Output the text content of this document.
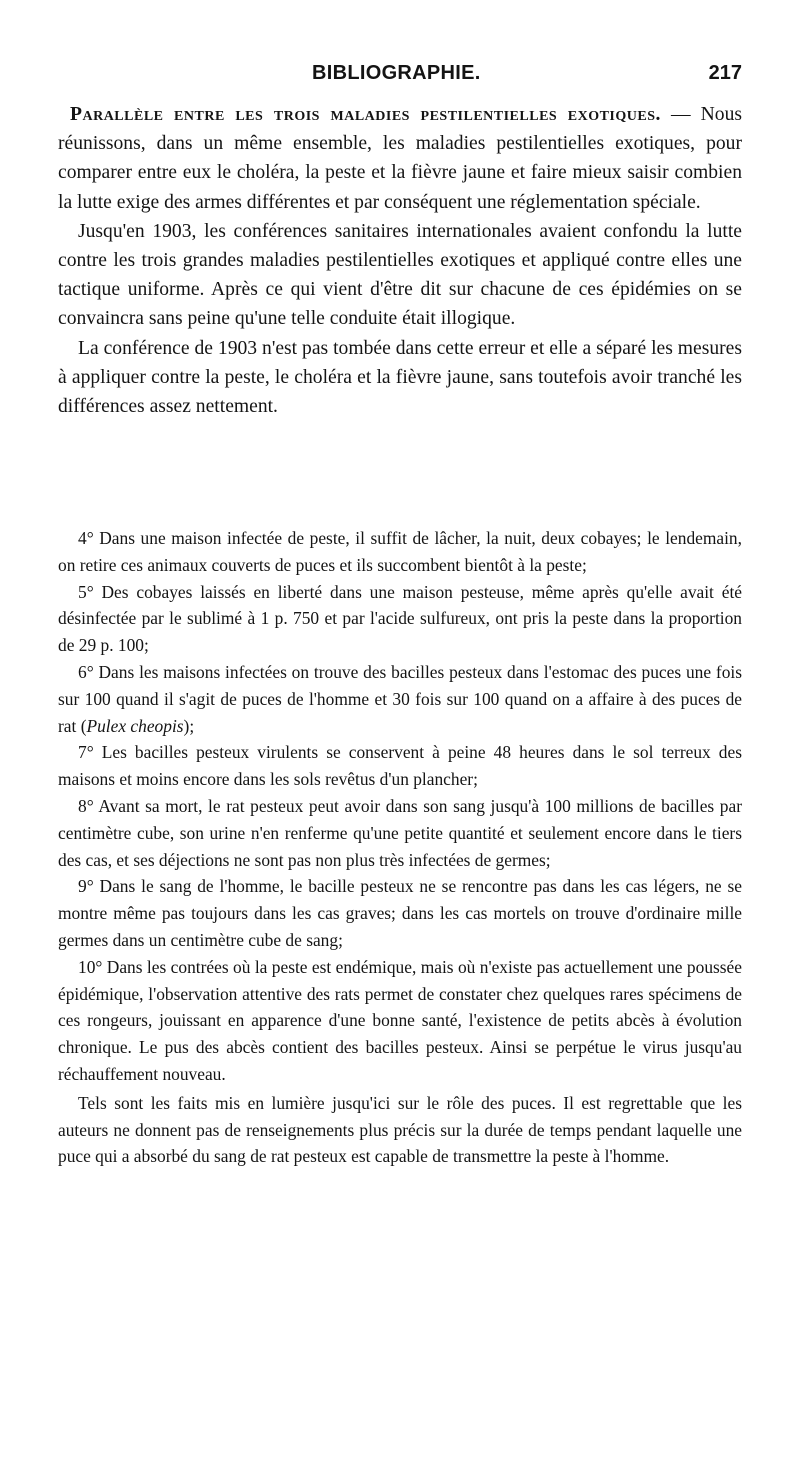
BIBLIOGRAPHIE.	217

Parallèle entre les trois maladies pestilentielles exotiques. — Nous réunissons, dans un même ensemble, les maladies pestilentielles exotiques, pour comparer entre eux le choléra, la peste et la fièvre jaune et faire mieux saisir combien la lutte exige des armes différentes et par conséquent une réglementation spéciale.

Jusqu'en 1903, les conférences sanitaires internationales avaient confondu la lutte contre les trois grandes maladies pestilentielles exotiques et appliqué contre elles une tactique uniforme. Après ce qui vient d'être dit sur chacune de ces épidémies on se convaincra sans peine qu'une telle conduite était illogique.

La conférence de 1903 n'est pas tombée dans cette erreur et elle a séparé les mesures à appliquer contre la peste, le choléra et la fièvre jaune, sans toutefois avoir tranché les différences assez nettement.

4° Dans une maison infectée de peste, il suffit de lâcher, la nuit, deux cobayes; le lendemain, on retire ces animaux couverts de puces et ils succombent bientôt à la peste;

5° Des cobayes laissés en liberté dans une maison pesteuse, même après qu'elle avait été désinfectée par le sublimé à 1 p. 750 et par l'acide sulfureux, ont pris la peste dans la proportion de 29 p. 100;

6° Dans les maisons infectées on trouve des bacilles pesteux dans l'estomac des puces une fois sur 100 quand il s'agit de puces de l'homme et 30 fois sur 100 quand on a affaire à des puces de rat (Pulex cheopis);

7° Les bacilles pesteux virulents se conservent à peine 48 heures dans le sol terreux des maisons et moins encore dans les sols revêtus d'un plancher;

8° Avant sa mort, le rat pesteux peut avoir dans son sang jusqu'à 100 millions de bacilles par centimètre cube, son urine n'en renferme qu'une petite quantité et seulement encore dans le tiers des cas, et ses déjections ne sont pas non plus très infectées de germes;

9° Dans le sang de l'homme, le bacille pesteux ne se rencontre pas dans les cas légers, ne se montre même pas toujours dans les cas graves; dans les cas mortels on trouve d'ordinaire mille germes dans un centimètre cube de sang;

10° Dans les contrées où la peste est endémique, mais où n'existe pas actuellement une poussée épidémique, l'observation attentive des rats permet de constater chez quelques rares spécimens de ces rongeurs, jouissant en apparence d'une bonne santé, l'existence de petits abcès à évolution chronique. Le pus des abcès contient des bacilles pesteux. Ainsi se perpétue le virus jusqu'au réchauffement nouveau.

Tels sont les faits mis en lumière jusqu'ici sur le rôle des puces. Il est regrettable que les auteurs ne donnent pas de renseignements plus précis sur la durée de temps pendant laquelle une puce qui a absorbé du sang de rat pesteux est capable de transmettre la peste à l'homme.
